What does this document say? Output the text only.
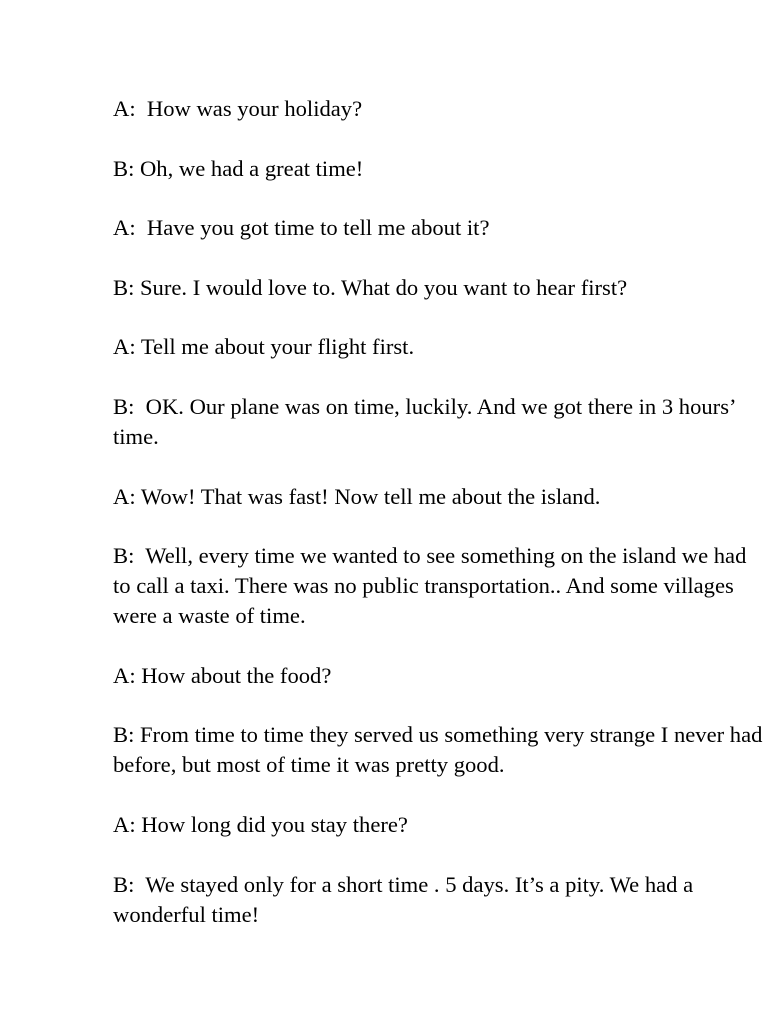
A:  How was your holiday?

B: Oh, we had a great time!

A:  Have you got time to tell me about it?

B: Sure. I would love to. What do you want to hear first?

A: Tell me about your flight first.

B:  OK. Our plane was on time, luckily. And we got there in 3 hours’ time.

A: Wow! That was fast! Now tell me about the island.

B:  Well, every time we wanted to see something on the island we had to call a taxi. There was no public transportation.. And some villages were a waste of time.

A: How about the food?

B: From time to time they served us something very strange I never had before, but most of time it was pretty good.

A: How long did you stay there?

B:  We stayed only for a short time . 5 days. It’s a pity. We had a wonderful time!
